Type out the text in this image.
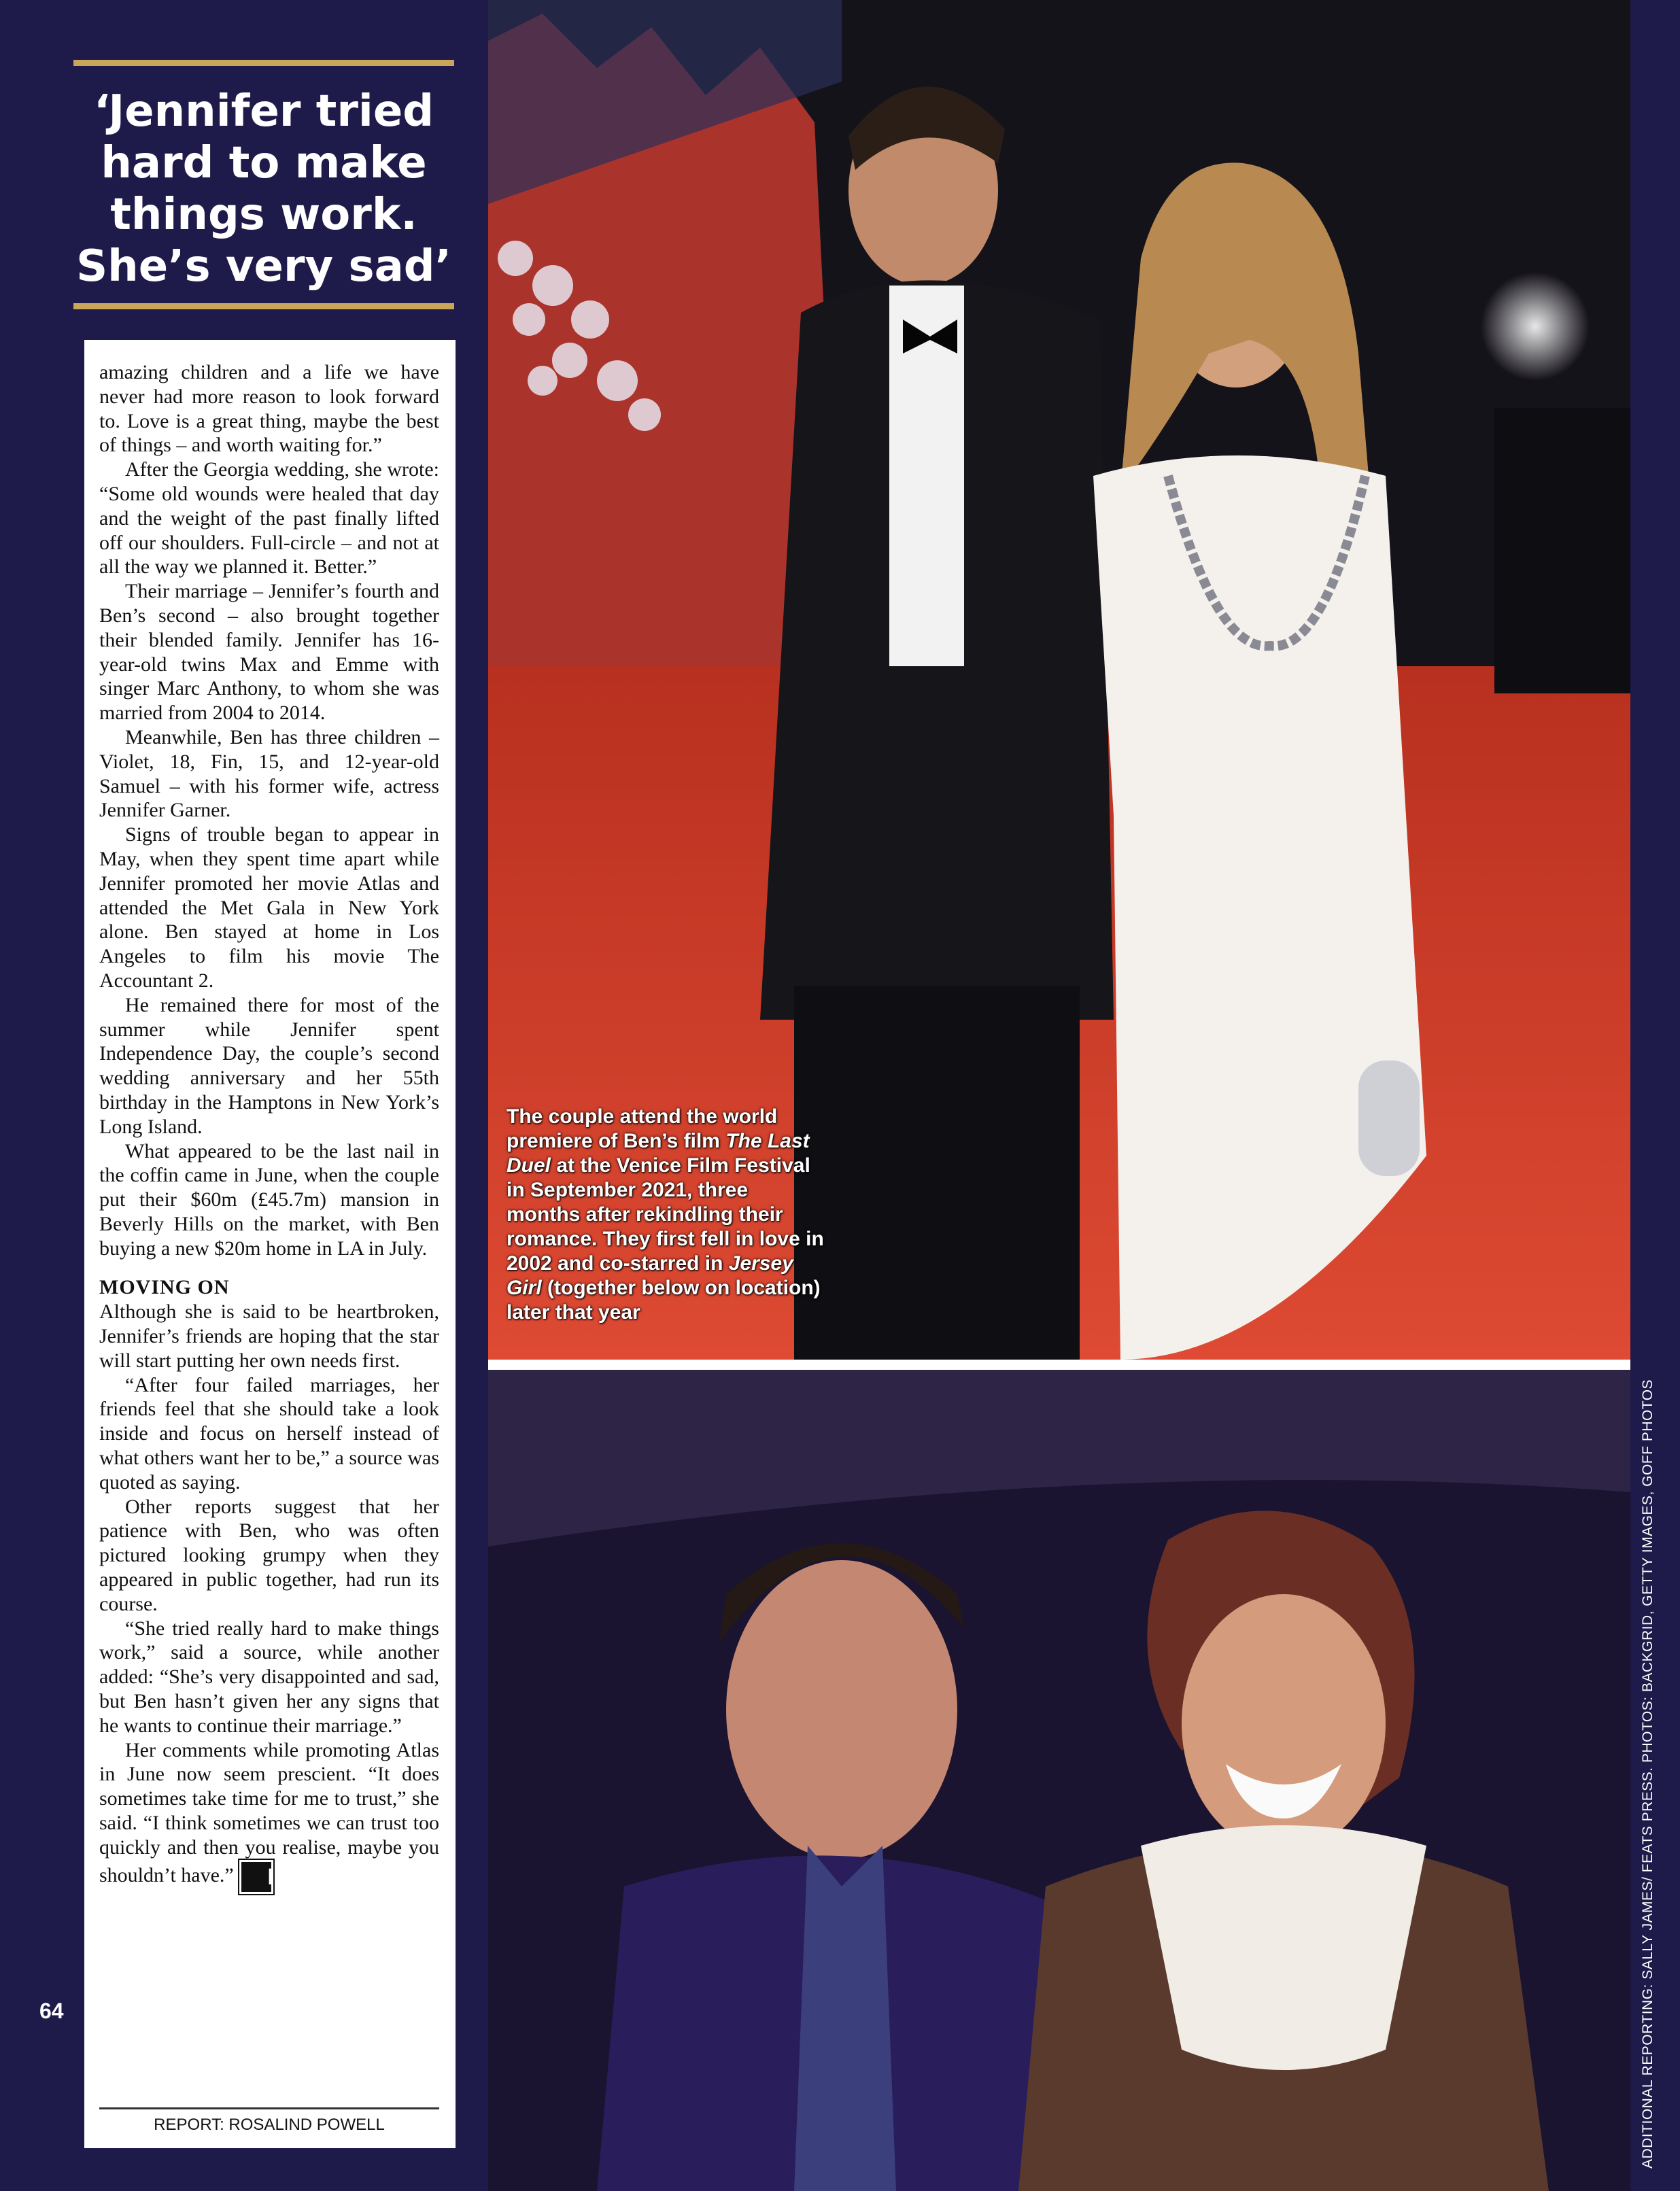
‘Jennifer tried hard to make things work. She’s very sad’

amazing children and a life we have never had more reason to look forward to. Love is a great thing, maybe the best of things – and worth waiting for.”

After the Georgia wedding, she wrote: “Some old wounds were healed that day and the weight of the past finally lifted off our shoulders. Full-circle – and not at all the way we planned it. Better.”

Their marriage – Jennifer’s fourth and Ben’s second – also brought together their blended family. Jennifer has 16-year-old twins Max and Emme with singer Marc Anthony, to whom she was married from 2004 to 2014.

Meanwhile, Ben has three children – Violet, 18, Fin, 15, and 12-year-old Samuel – with his former wife, actress Jennifer Garner.

Signs of trouble began to appear in May, when they spent time apart while Jennifer promoted her movie Atlas and attended the Met Gala in New York alone. Ben stayed at home in Los Angeles to film his movie The Accountant 2.

He remained there for most of the summer while Jennifer spent Independence Day, the couple’s second wedding anniversary and her 55th birthday in the Hamptons in New York’s Long Island.

What appeared to be the last nail in the coffin came in June, when the couple put their $60m (£45.7m) mansion in Beverly Hills on the market, with Ben buying a new $20m home in LA in July.

MOVING ON

Although she is said to be heartbroken, Jennifer’s friends are hoping that the star will start putting her own needs first.

“After four failed marriages, her friends feel that she should take a look inside and focus on herself instead of what others want her to be,” a source was quoted as saying.

Other reports suggest that her patience with Ben, who was often pictured looking grumpy when they appeared in public together, had run its course.

“She tried really hard to make things work,” said a source, while another added: “She’s very disappointed and sad, but Ben hasn’t given her any signs that he wants to continue their marriage.”

Her comments while promoting Atlas in June now seem prescient. “It does sometimes take time for me to trust,” she said. “I think sometimes we can trust too quickly and then you realise, maybe you shouldn’t have.” H

REPORT: ROSALIND POWELL
64
The couple attend the world premiere of Ben’s film The Last Duel at the Venice Film Festival in September 2021, three months after rekindling their romance. They first fell in love in 2002 and co-starred in Jersey Girl (together below on location) later that year
ADDITIONAL REPORTING: SALLY JAMES/ FEATS PRESS. PHOTOS: BACKGRID, GETTY IMAGES, GOFF PHOTOS
